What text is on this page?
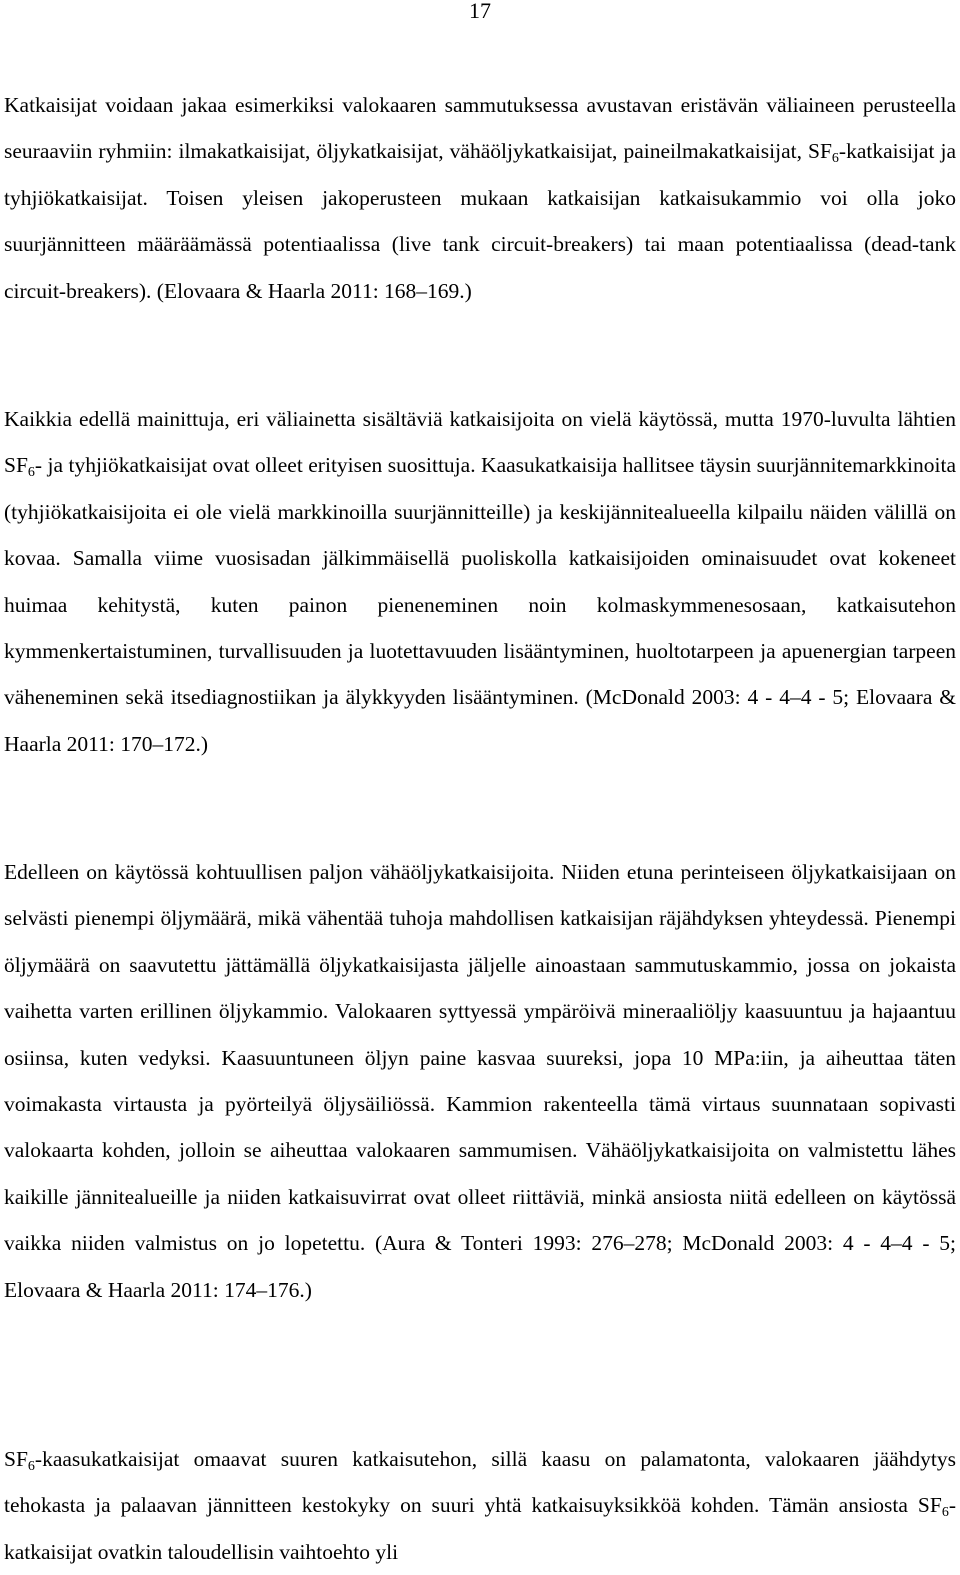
17

Katkaisijat voidaan jakaa esimerkiksi valokaaren sammutuksessa avustavan eristävän väliaineen perusteella seuraaviin ryhmiin: ilmakatkaisijat, öljykatkaisijat, vähäöljykatkaisijat, paineilmakatkaisijat, $SF_6$-katkaisijat ja tyhjiökatkaisijat. Toisen yleisen jakoperusteen mukaan katkaisijan katkaisukammio voi olla joko suurjännitteen määräämässä potentiaalissa (live tank circuit-breakers) tai maan potentiaalissa (dead-tank circuit-breakers). (Elovaara & Haarla 2011: 168–169.)

Kaikkia edellä mainittuja, eri väliainetta sisältäviä katkaisijoita on vielä käytössä, mutta 1970-luvulta lähtien $SF_6-$ ja tyhjiökatkaisijat ovat olleet erityisen suosittuja. Kaasukatkaisija hallitsee täysin suurjännitemarkkinoita (tyhjiökatkaisijoita ei ole vielä markkinoilla suurjännitteille) ja keskijännitealueella kilpailu näiden välillä on kovaa. Samalla viime vuosisadan jälkimmäisellä puoliskolla katkaisijoiden ominaisuudet ovat kokeneet huimaa kehitystä, kuten painon pieneneminen noin kolmaskymmenesosaan, katkaisutehon kymmenkertaistuminen, turvallisuuden ja luotettavuuden lisääntyminen, huoltotarpeen ja apuenergian tarpeen väheneminen sekä itsediagnostiikan ja älykkyyden lisääntyminen. (McDonald 2003: 4 - 4–4 - 5; Elovaara & Haarla 2011: 170–172.)

Edelleen on käytössä kohtuullisen paljon vähäöljykatkaisijoita. Niiden etuna perinteiseen öljykatkaisijaan on selvästi pienempi öljymäärä, mikä vähentää tuhoja mahdollisen katkaisijan räjähdyksen yhteydessä. Pienempi öljymäärä on saavutettu jättämällä öljykatkaisijasta jäljelle ainoastaan sammutuskammio, jossa on jokaista vaihetta varten erillinen öljykammio. Valokaaren syttyessä ympäröivä mineraaliöljy kaasuuntuu ja hajaantuu osiinsa, kuten vedyksi. Kaasuuntuneen öljyn paine kasvaa suureksi, jopa 10 MPa:iin, ja aiheuttaa täten voimakasta virtausta ja pyörteilyä öljysäiliössä. Kammion rakenteella tämä virtaus suunnataan sopivasti valokaarta kohden, jolloin se aiheuttaa valokaaren sammumisen. Vähäöljykatkaisijoita on valmistettu lähes kaikille jännitealueille ja niiden katkaisuvirrat ovat olleet riittäviä, minkä ansiosta niitä edelleen on käytössä vaikka niiden valmistus on jo lopetettu. (Aura & Tonteri 1993: 276–278; McDonald 2003: 4 - 4–4 - 5; Elovaara & Haarla 2011: 174–176.)

$SF_6$-kaasukatkaisijat omaavat suuren katkaisutehon, sillä kaasu on palamatonta, valokaaren jäähdytys tehokasta ja palaavan jännitteen kestokyky on suuri yhtä katkaisuyksikköä kohden. Tämän ansiosta $SF_6$-katkaisijat ovatkin taloudellisin vaihtoehto yli
